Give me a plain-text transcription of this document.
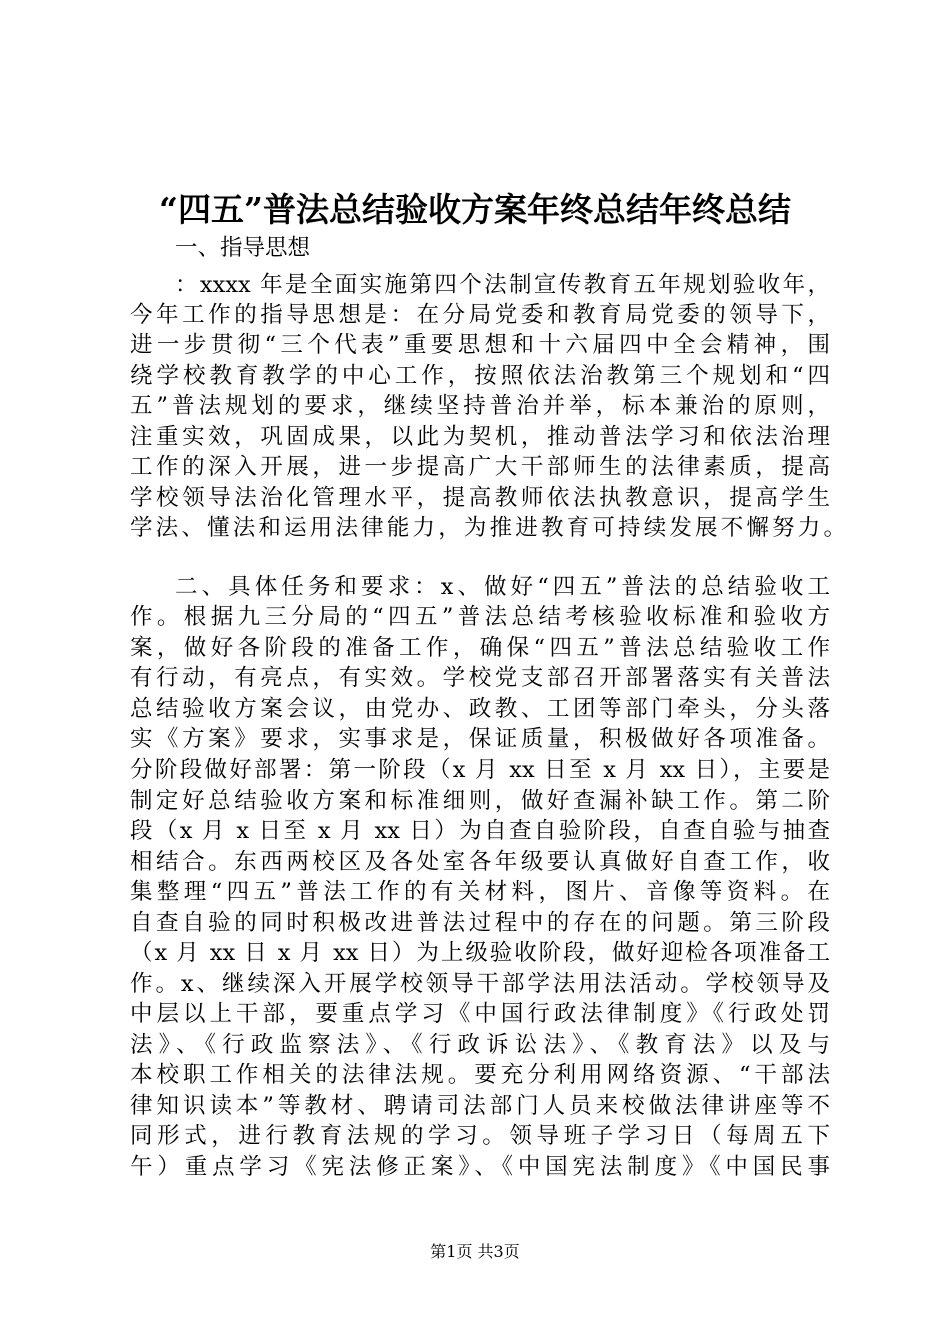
“四五”普法总结验收方案年终总结年终总结
一、指导思想
：xxxx 年是全面实施第四个法制宣传教育五年规划验收年，
今年工作的指导思想是：在分局党委和教育局党委的领导下，
进一步贯彻“三个代表”重要思想和十六届四中全会精神，围
绕学校教育教学的中心工作，按照依法治教第三个规划和“四
五”普法规划的要求，继续坚持普治并举，标本兼治的原则，
注重实效，巩固成果，以此为契机，推动普法学习和依法治理
工作的深入开展，进一步提高广大干部师生的法律素质，提高
学校领导法治化管理水平，提高教师依法执教意识，提高学生
学法、懂法和运用法律能力，为推进教育可持续发展不懈努力。
二、具体任务和要求：x、做好“四五”普法的总结验收工
作。根据九三分局的“四五”普法总结考核验收标准和验收方
案，做好各阶段的准备工作，确保“四五”普法总结验收工作
有行动，有亮点，有实效。学校党支部召开部署落实有关普法
总结验收方案会议，由党办、政教、工团等部门牵头，分头落
实《方案》要求，实事求是，保证质量，积极做好各项准备。
分阶段做好部署：第一阶段（x 月 xx 日至 x 月 xx 日），主要是
制定好总结验收方案和标准细则，做好查漏补缺工作。第二阶
段（x 月 x 日至 x 月 xx 日）为自查自验阶段，自查自验与抽查
相结合。东西两校区及各处室各年级要认真做好自查工作，收
集整理“四五”普法工作的有关材料，图片、音像等资料。在
自查自验的同时积极改进普法过程中的存在的问题。第三阶段
（x 月 xx 日 x 月 xx 日）为上级验收阶段，做好迎检各项准备工
作。x、继续深入开展学校领导干部学法用法活动。学校领导及
中层以上干部，要重点学习《中国行政法律制度》《行政处罚
法》、《行政监察法》、《行政诉讼法》、《教育法》以及与
本校职工作相关的法律法规。要充分利用网络资源、“干部法
律知识读本”等教材、聘请司法部门人员来校做法律讲座等不
同形式，进行教育法规的学习。领导班子学习日（每周五下
午）重点学习《宪法修正案》、《中国宪法制度》《中国民事
第1页 共3页
